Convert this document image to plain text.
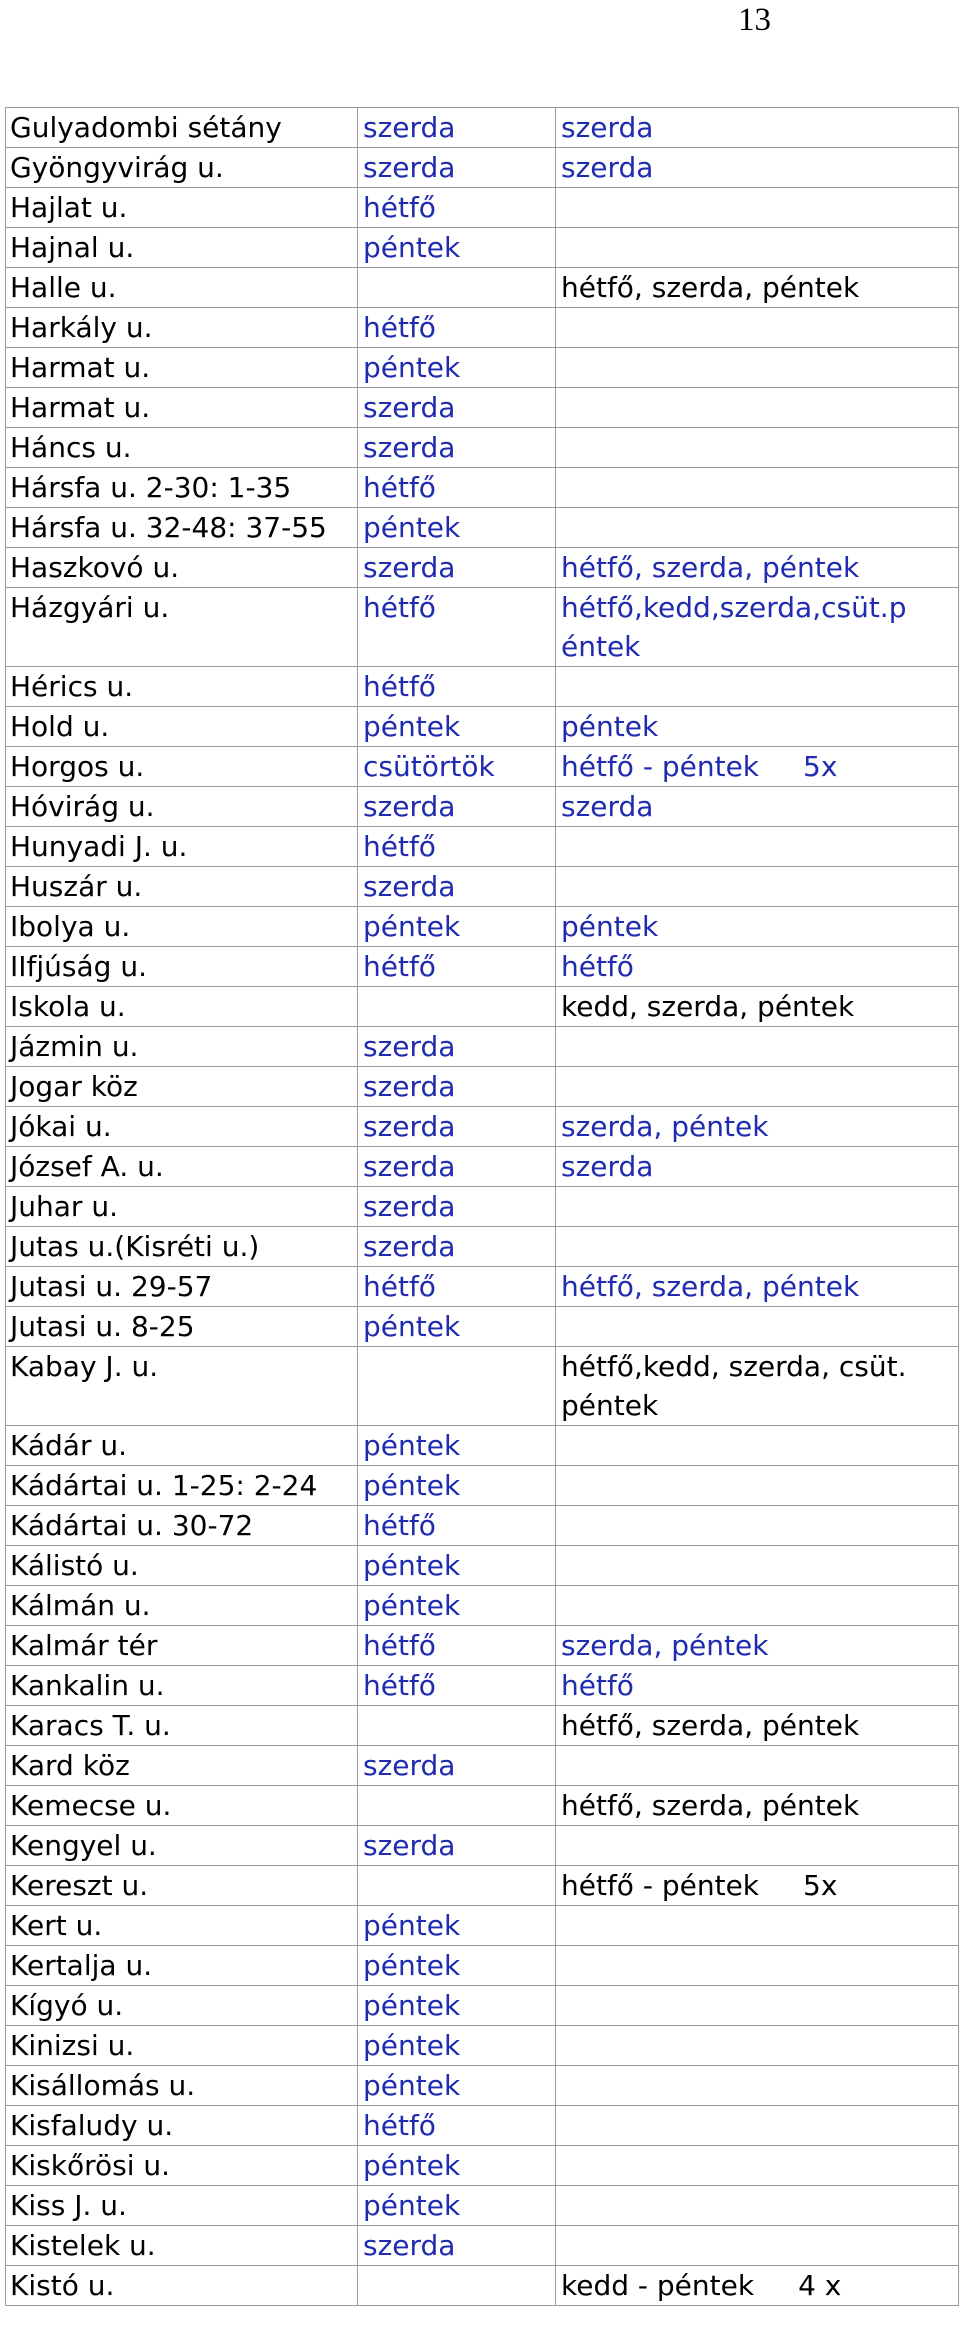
13
Gulyadombi sétány	szerda	szerda
Gyöngyvirág u.	szerda	szerda
Hajlat u.	hétfő	
Hajnal u.	péntek	
Halle u.		hétfő, szerda, péntek
Harkály u.	hétfő	
Harmat u.	péntek	
Harmat u.	szerda	
Háncs u.	szerda	
Hársfa u. 2-30: 1-35	hétfő	
Hársfa u. 32-48: 37-55	péntek	
Haszkovó u.	szerda	hétfő, szerda, péntek
Házgyári u.	hétfő	hétfő,kedd,szerda,csüt.péntek
Hérics u.	hétfő	
Hold u.	péntek	péntek
Horgos u.	csütörtök	hétfő - péntek 5x
Hóvirág u.	szerda	szerda
Hunyadi J. u.	hétfő	
Huszár u.	szerda	
Ibolya u.	péntek	péntek
IIfjúság u.	hétfő	hétfő
Iskola u.		kedd, szerda, péntek
Jázmin u.	szerda	
Jogar köz	szerda	
Jókai u.	szerda	szerda, péntek
József A. u.	szerda	szerda
Juhar u.	szerda	
Jutas u.(Kisréti u.)	szerda	
Jutasi u. 29-57	hétfő	hétfő, szerda, péntek
Jutasi u. 8-25	péntek	
Kabay J. u.		hétfő,kedd, szerda, csüt. péntek
Kádár u.	péntek	
Kádártai u. 1-25: 2-24	péntek	
Kádártai u. 30-72	hétfő	
Kálistó u.	péntek	
Kálmán u.	péntek	
Kalmár tér	hétfő	szerda, péntek
Kankalin u.	hétfő	hétfő
Karacs T. u.		hétfő, szerda, péntek
Kard köz	szerda	
Kemecse u.		hétfő, szerda, péntek
Kengyel u.	szerda	
Kereszt u.		hétfő - péntek 5x
Kert u.	péntek	
Kertalja u.	péntek	
Kígyó u.	péntek	
Kinizsi u.	péntek	
Kisállomás u.	péntek	
Kisfaludy u.	hétfő	
Kiskőrösi u.	péntek	
Kiss J. u.	péntek	
Kistelek u.	szerda	
Kistó u.		kedd - péntek 4 x
